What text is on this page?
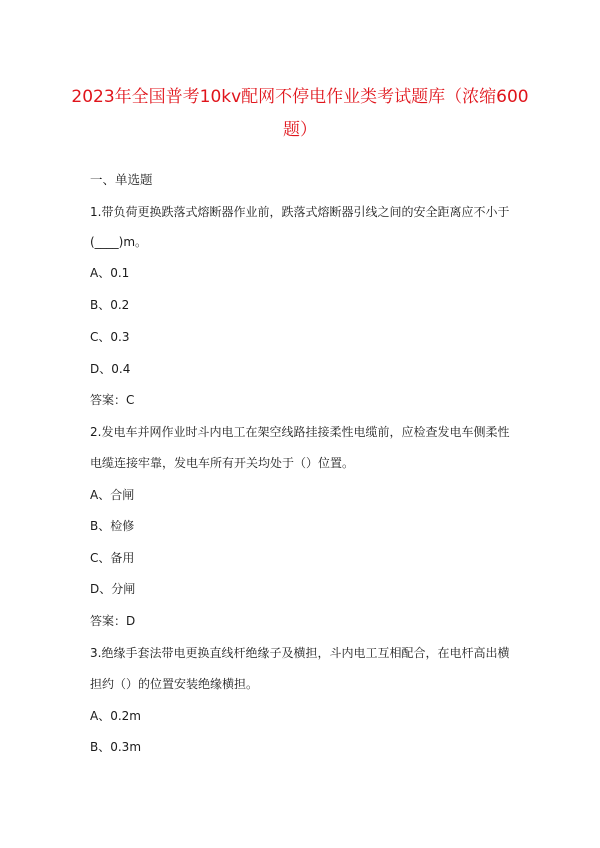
2023年全国普考10kv配网不停电作业类考试题库（浓缩600
题）
一、单选题
1.带负荷更换跌落式熔断器作业前，跌落式熔断器引线之间的安全距离应不小于
(____)m。
A、0.1
B、0.2
C、0.3
D、0.4
答案：C
2.发电车并网作业时斗内电工在架空线路挂接柔性电缆前，应检查发电车侧柔性
电缆连接牢靠，发电车所有开关均处于（）位置。
A、合闸
B、检修
C、备用
D、分闸
答案：D
3.绝缘手套法带电更换直线杆绝缘子及横担，斗内电工互相配合，在电杆高出横
担约（）的位置安装绝缘横担。
A、0.2m
B、0.3m
